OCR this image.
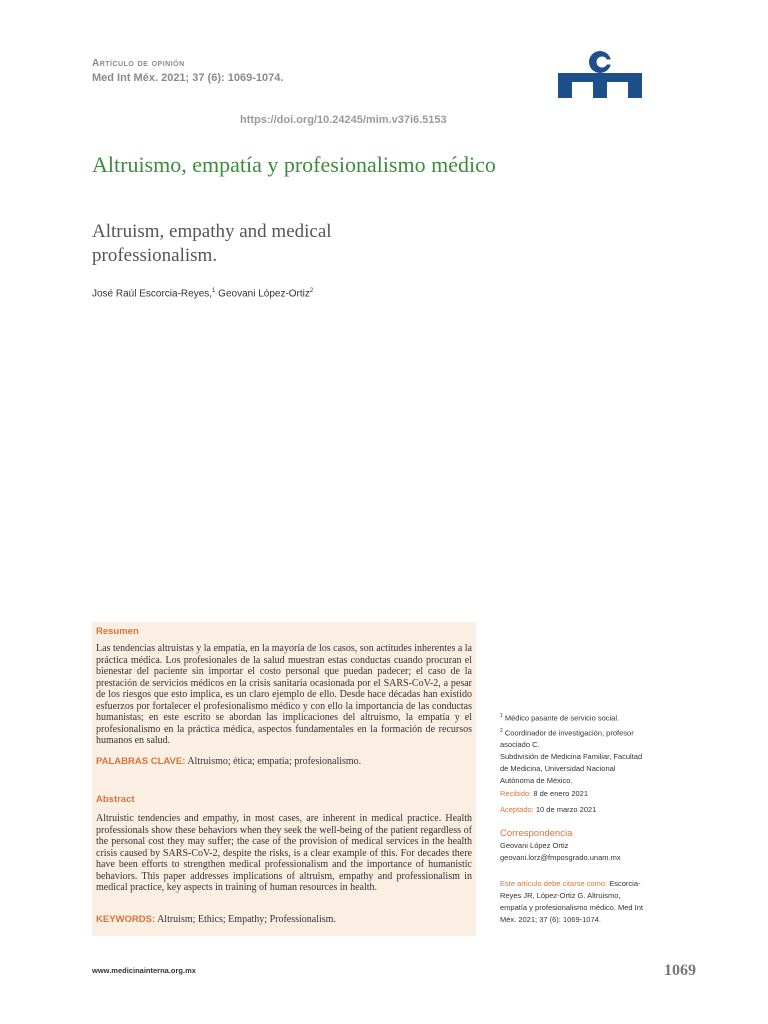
Artículo de opinión
Med Int Méx. 2021; 37 (6): 1069-1074.
https://doi.org/10.24245/mim.v37i6.5153
Altruismo, empatía y profesionalismo médico
Altruism, empathy and medical professionalism.
José Raúl Escorcia-Reyes,$^1$ Geovani López-Ortiz$^2$
Resumen
Las tendencias altruistas y la empatía, en la mayoría de los casos, son actitudes inherentes a la práctica médica. Los profesionales de la salud muestran estas conductas cuando procuran el bienestar del paciente sin importar el costo personal que puedan padecer; el caso de la prestación de servicios médicos en la crisis sanitaria ocasionada por el SARS-CoV-2, a pesar de los riesgos que esto implica, es un claro ejemplo de ello. Desde hace décadas han existido esfuerzos por fortalecer el profesionalismo médico y con ello la importancia de las conductas humanistas; en este escrito se abordan las implicaciones del altruismo, la empatía y el profesionalismo en la práctica médica, aspectos fundamentales en la formación de recursos humanos en salud.
PALABRAS CLAVE: Altruismo; ética; empatía; profesionalismo.
Abstract
Altruistic tendencies and empathy, in most cases, are inherent in medical practice. Health professionals show these behaviors when they seek the well-being of the patient regardless of the personal cost they may suffer; the case of the provision of medical services in the health crisis caused by SARS-CoV-2, despite the risks, is a clear example of this. For decades there have been efforts to strengthen medical professionalism and the importance of humanistic behaviors. This paper addresses implications of altruism, empathy and professionalism in medical practice, key aspects in training of human resources in health.
KEYWORDS: Altruism; Ethics; Empathy; Professionalism.
$^1$ Médico pasante de servicio social.
$^2$ Coordinador de investigación, profesor asociado C.
Subdivisión de Medicina Familiar, Facultad de Medicina, Universidad Nacional Autónoma de México.
Recibido: 8 de enero 2021
Aceptado: 10 de marzo 2021
Correspondencia
Geovani López Ortiz
geovani.lorz@fmposgrado.unam.mx
Este artículo debe citarse como: Escorcia-Reyes JR, López-Ortiz G. Altruismo, empatía y profesionalismo médico. Med Int Méx. 2021; 37 (6): 1069-1074.
www.medicinainterna.org.mx	1069
